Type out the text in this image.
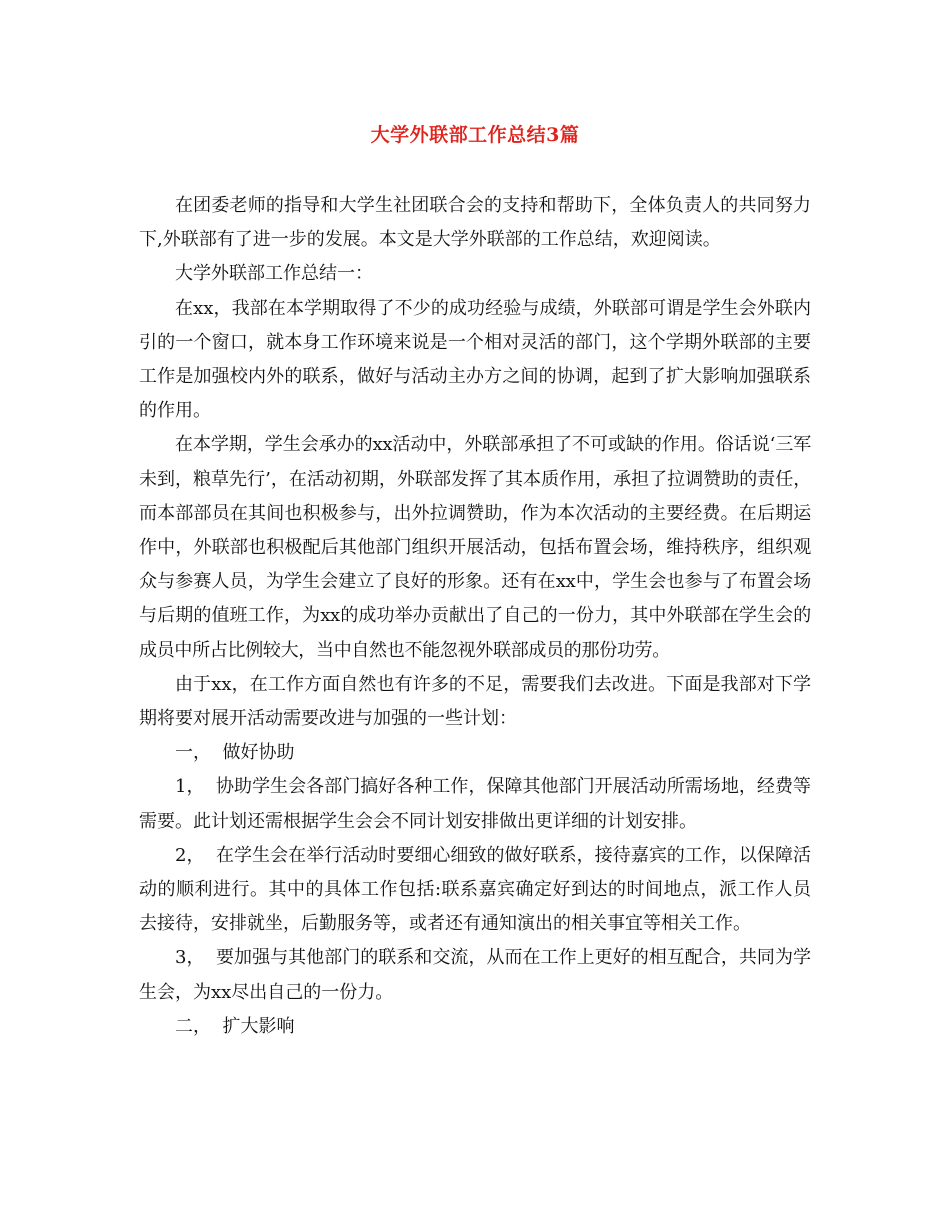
大学外联部工作总结3篇

在团委老师的指导和大学生社团联合会的支持和帮助下，全体负责人的共同努力下,外联部有了进一步的发展。本文是大学外联部的工作总结，欢迎阅读。

大学外联部工作总结一：

在xx，我部在本学期取得了不少的成功经验与成绩，外联部可谓是学生会外联内引的一个窗口，就本身工作环境来说是一个相对灵活的部门，这个学期外联部的主要工作是加强校内外的联系，做好与活动主办方之间的协调，起到了扩大影响加强联系的作用。

在本学期，学生会承办的xx活动中，外联部承担了不可或缺的作用。俗话说‘三军未到，粮草先行’，在活动初期，外联部发挥了其本质作用，承担了拉调赞助的责任，而本部部员在其间也积极参与，出外拉调赞助，作为本次活动的主要经费。在后期运作中，外联部也积极配后其他部门组织开展活动，包括布置会场，维持秩序，组织观众与参赛人员，为学生会建立了良好的形象。还有在xx中，学生会也参与了布置会场与后期的值班工作，为xx的成功举办贡献出了自己的一份力，其中外联部在学生会的成员中所占比例较大，当中自然也不能忽视外联部成员的那份功劳。

由于xx，在工作方面自然也有许多的不足，需要我们去改进。下面是我部对下学期将要对展开活动需要改进与加强的一些计划：

一，  做好协助

1，  协助学生会各部门搞好各种工作，保障其他部门开展活动所需场地，经费等需要。此计划还需根据学生会会不同计划安排做出更详细的计划安排。

2，  在学生会在举行活动时要细心细致的做好联系，接待嘉宾的工作，以保障活动的顺利进行。其中的具体工作包括:联系嘉宾确定好到达的时间地点，派工作人员去接待，安排就坐，后勤服务等，或者还有通知演出的相关事宜等相关工作。

3，  要加强与其他部门的联系和交流，从而在工作上更好的相互配合，共同为学生会，为xx尽出自己的一份力。

二，  扩大影响
